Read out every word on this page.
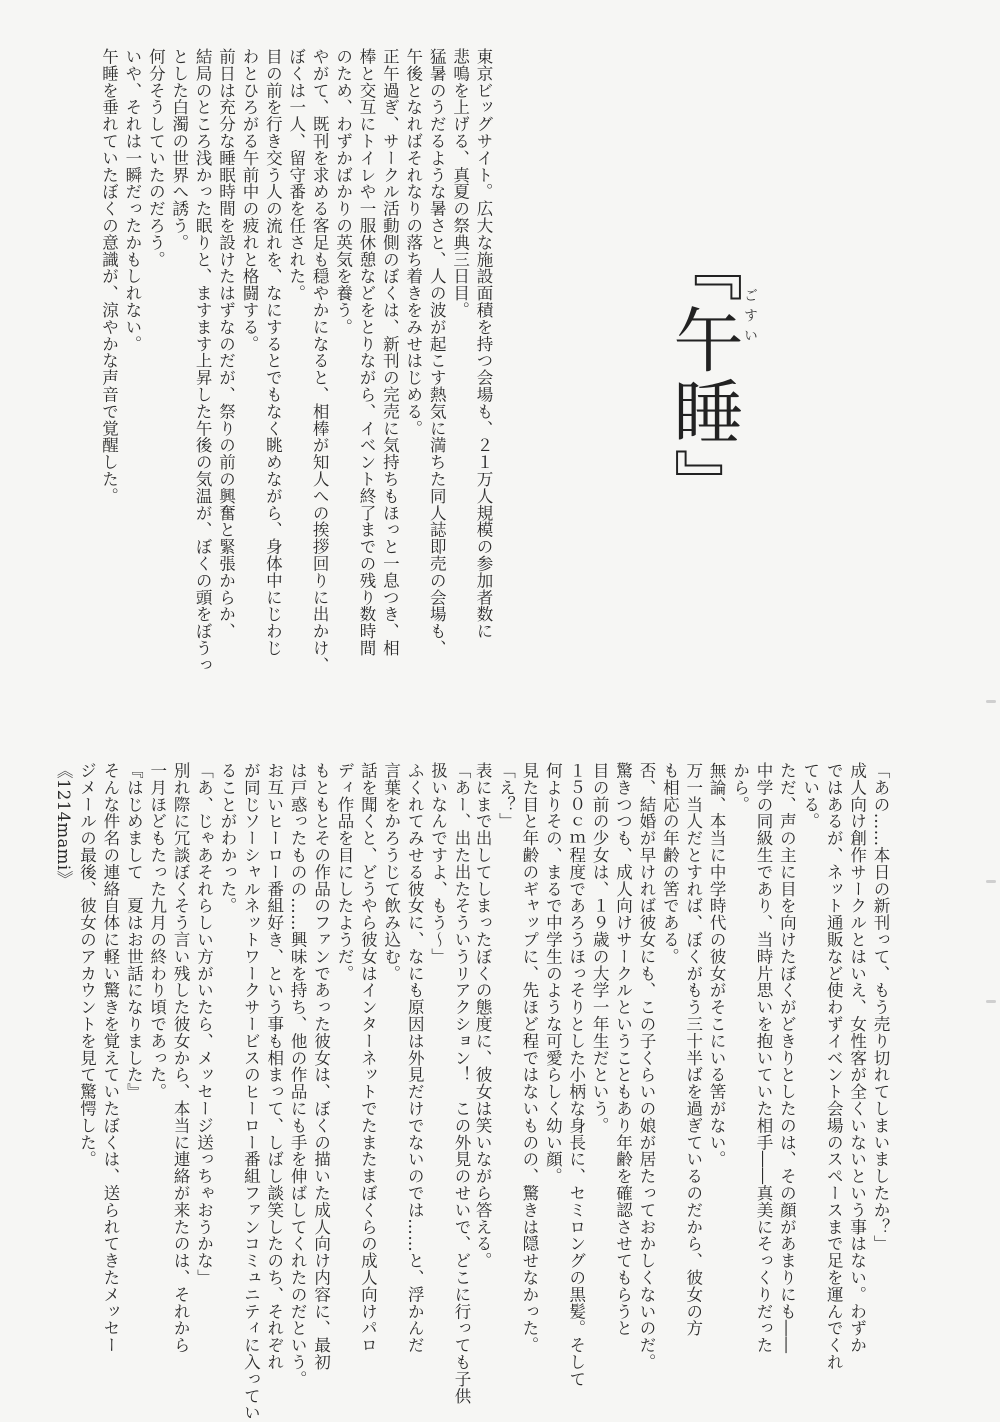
東京ビッグサイト。広大な施設面積を持つ会場も、２１万人規模の参加者数に

悲鳴を上げる、真夏の祭典三日目。

猛暑のうだるような暑さと、人の波が起こす熱気に満ちた同人誌即売の会場も、

午後となればそれなりの落ち着きをみせはじめる。

正午過ぎ、サークル活動側のぼくは、新刊の完売に気持ちもほっと一息つき、相

棒と交互にトイレや一服休憩などをとりながら、イベント終了までの残り数時間

のため、わずかばかりの英気を養う。

やがて、既刊を求める客足も穏やかになると、相棒が知人への挨拶回りに出かけ、

ぼくは一人、留守番を任された。

目の前を行き交う人の流れを、なにするとでもなく眺めながら、身体中にじわじ

わとひろがる午前中の疲れと格闘する。

前日は充分な睡眠時間を設けたはずなのだが、祭りの前の興奮と緊張からか、

結局のところ浅かった眠りと、ますます上昇した午後の気温が、ぼくの頭をぼうっ

とした白濁の世界へ誘う。

何分そうしていたのだろう。

いや、それは一瞬だったかもしれない。

午睡を垂れていたぼくの意識が、涼やかな声音で覚醒した。	『午睡』
ごすい

「あの……本日の新刊って、もう売り切れてしまいましたか？」

成人向け創作サークルとはいえ、女性客が全くいないという事はない。わずか

ではあるが、ネット通販など使わずイベント会場のスペースまで足を運んでくれ

ている。

ただ、声の主に目を向けたぼくがどきりとしたのは、その顔があまりにも――

中学の同級生であり、当時片思いを抱いていた相手――真美にそっくりだった

から。

無論、本当に中学時代の彼女がそこにいる筈がない。

万一当人だとすれば、ぼくがもう三十半ばを過ぎているのだから、彼女の方

も相応の年齢の筈である。

否、結婚が早ければ彼女にも、この子くらいの娘が居たっておかしくないのだ。

驚きつつも、成人向けサークルということもあり年齢を確認させてもらうと

目の前の少女は、１９歳の大学一年生だという。

１５０ｃｍ程度であろうほっそりとした小柄な身長に、セミロングの黒髪。そして

何よりその、まるで中学生のような可愛らしく幼い顔。

見た目と年齢のギャップに、先ほど程ではないものの、驚きは隠せなかった。

「え？」

表にまで出してしまったぼくの態度に、彼女は笑いながら答える。

「あー、出た出たそういうリアクション！　この外見のせいで、どこに行っても子供

扱いなんですよ、もう～」

ふくれてみせる彼女に、なにも原因は外見だけでないのでは……と、浮かんだ

言葉をかろうじて飲み込む。

話を聞くと、どうやら彼女はインターネットでたまたまぼくらの成人向けパロ

ディ作品を目にしたようだ。

もともとその作品のファンであった彼女は、ぼくの描いた成人向け内容に、最初

は戸惑ったものの……興味を持ち、他の作品にも手を伸ばしてくれたのだという。

お互いヒーロー番組好き、という事も相まって、しばし談笑したのち、それぞれ

が同じソーシャルネットワークサービスのヒーロー番組ファンコミュニティに入ってい

ることがわかった。

「あ、じゃあそれらしい方がいたら、メッセージ送っちゃおうかな」

別れ際に冗談ぼくそう言い残した彼女から、本当に連絡が来たのは、それから

一月ほどもたった九月の終わり頃であった。

『はじめまして　夏はお世話になりました』

そんな件名の連絡自体に軽い驚きを覚えていたぼくは、送られてきたメッセー

ジメールの最後、彼女のアカウントを見て驚愕した。

《1214mami》
